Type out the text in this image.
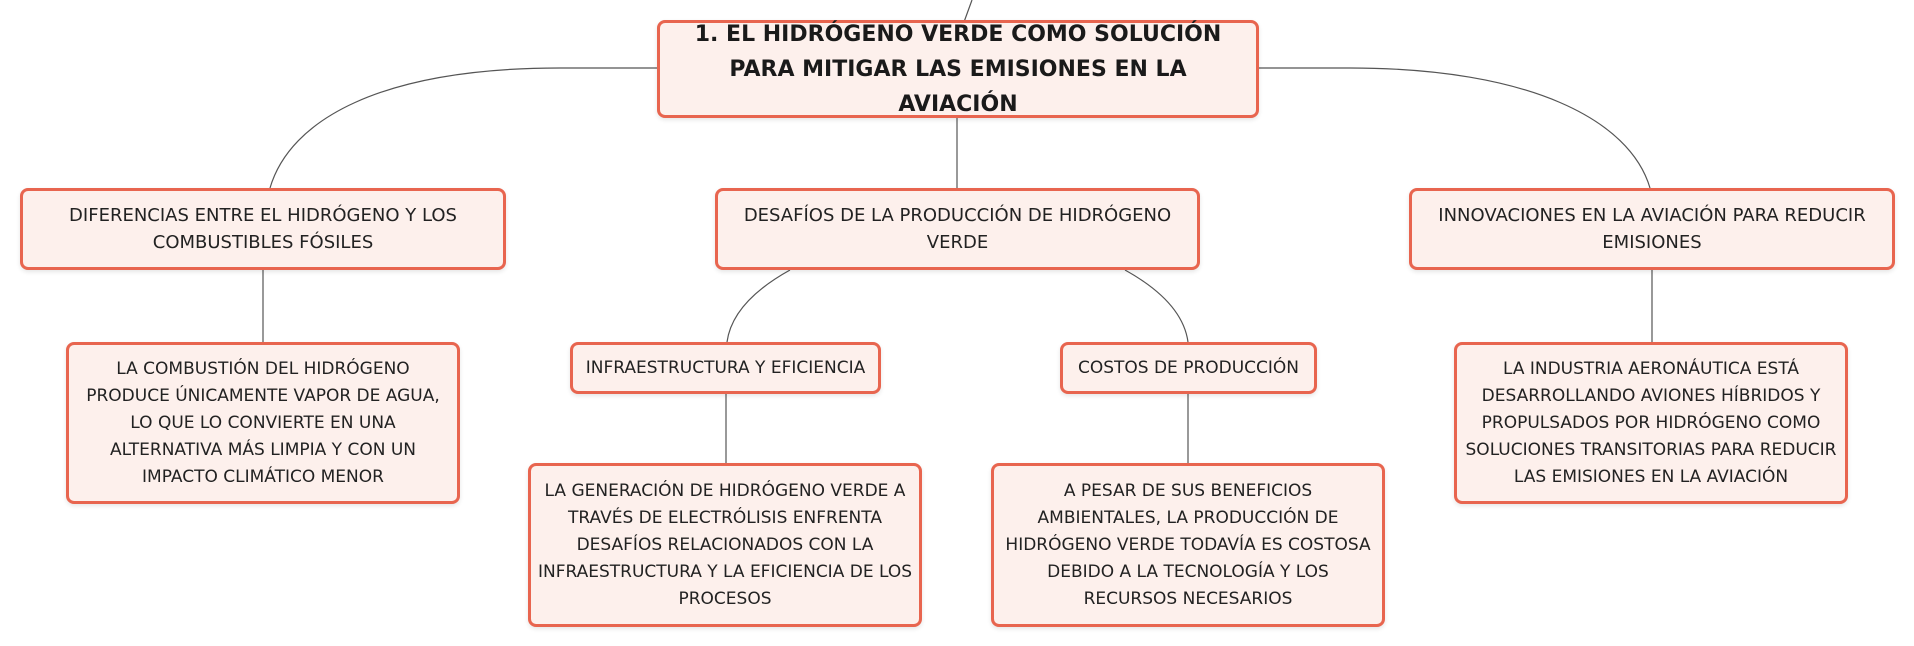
1. EL HIDRÓGENO VERDE COMO SOLUCIÓN PARA MITIGAR LAS EMISIONES EN LA AVIACIÓN
DIFERENCIAS ENTRE EL HIDRÓGENO Y LOS COMBUSTIBLES FÓSILES
DESAFÍOS DE LA PRODUCCIÓN DE HIDRÓGENO VERDE
INNOVACIONES EN LA AVIACIÓN PARA REDUCIR EMISIONES
LA COMBUSTIÓN DEL HIDRÓGENO PRODUCE ÚNICAMENTE VAPOR DE AGUA, LO QUE LO CONVIERTE EN UNA ALTERNATIVA MÁS LIMPIA Y CON UN IMPACTO CLIMÁTICO MENOR
INFRAESTRUCTURA Y EFICIENCIA	COSTOS DE PRODUCCIÓN	LA INDUSTRIA AERONÁUTICA ESTÁ DESARROLLANDO AVIONES HÍBRIDOS Y PROPULSADOS POR HIDRÓGENO COMO SOLUCIONES TRANSITORIAS PARA REDUCIR LAS EMISIONES EN LA AVIACIÓN
LA GENERACIÓN DE HIDRÓGENO VERDE A TRAVÉS DE ELECTRÓLISIS ENFRENTA DESAFÍOS RELACIONADOS CON LA INFRAESTRUCTURA Y LA EFICIENCIA DE LOS PROCESOS
A PESAR DE SUS BENEFICIOS AMBIENTALES, LA PRODUCCIÓN DE HIDRÓGENO VERDE TODAVÍA ES COSTOSA DEBIDO A LA TECNOLOGÍA Y LOS RECURSOS NECESARIOS
